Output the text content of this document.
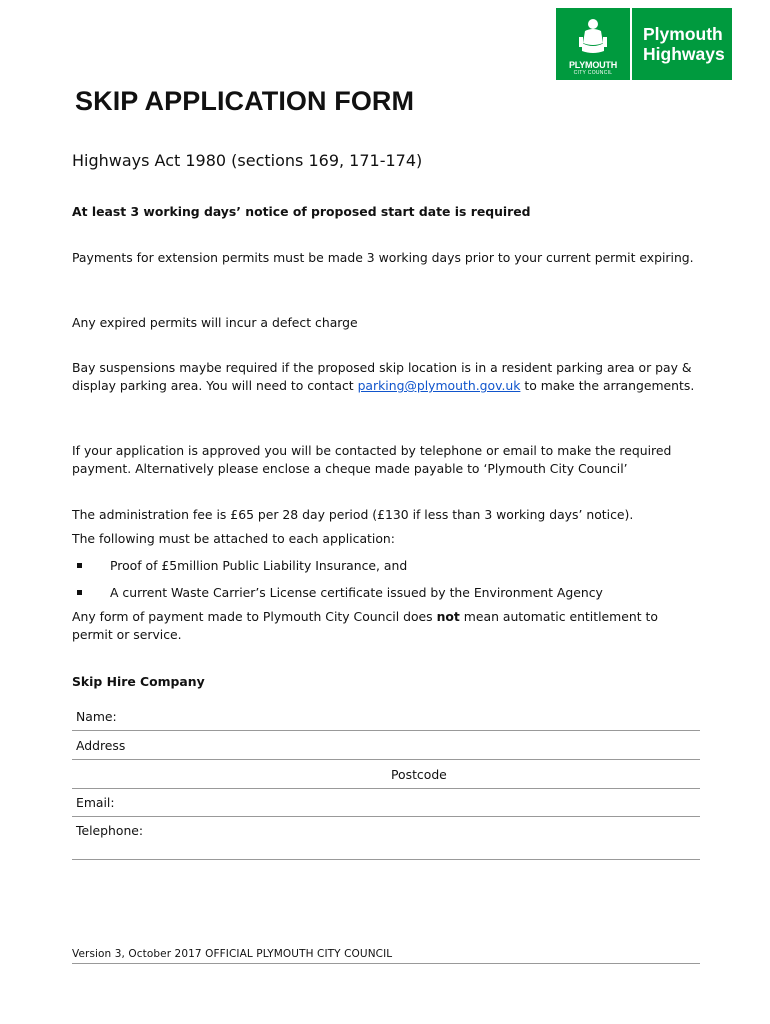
PLYMOUTH
CITY COUNCIL
Plymouth
Highways
SKIP APPLICATION FORM
Highways Act 1980 (sections 169, 171-174)
At least 3 working days’ notice of proposed start date is required
Payments for extension permits must be made 3 working days prior to your current permit expiring.
Any expired permits will incur a defect charge
Bay suspensions maybe required if the proposed skip location is in a resident parking area or pay & display parking area. You will need to contact parking@plymouth.gov.uk to make the arrangements.
If your application is approved you will be contacted by telephone or email to make the required payment. Alternatively please enclose a cheque made payable to ‘Plymouth City Council’
The administration fee is £65 per 28 day period (£130 if less than 3 working days’ notice).
The following must be attached to each application:
Proof of £5million Public Liability Insurance, and
A current Waste Carrier’s License certificate issued by the Environment Agency
Any form of payment made to Plymouth City Council does not mean automatic entitlement to permit or service.
Skip Hire Company
Name:
Address
Postcode
Email:
Telephone:
Version 3, October 2017 OFFICIAL PLYMOUTH CITY COUNCIL
